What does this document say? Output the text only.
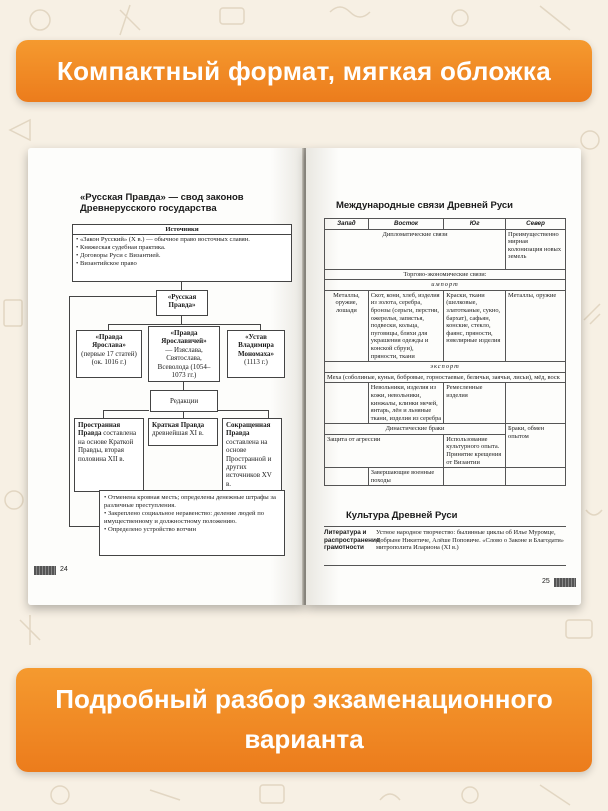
Компактный формат, мягкая обложка
«Русская Правда» — свод законов
Древнерусского государства
Источники
• «Закон Русский» (X в.) — обычное право восточных славян.
• Княжеская судебная практика.
• Договоры Руси с Византией.
• Византийское право
«Русская
Правда»
«Правда Ярослава»
(первые 17 статей) (ок. 1016 г.)
«Правда Ярославичей»
— Изяслава, Святослава, Всеволода (1054–1073 гг.)
«Устав Владимира Мономаха»
(1113 г.)
Редакции
Пространная Правда составлена на основе Краткой Правды, вторая половина XII в.
Краткая Правда древнейшая XI в.
Сокращенная Правда составлена на основе Пространной и других источников XV в.
• Отменена кровная месть; определены денежные штрафы за различные преступления.
• Закреплено социальное неравенство: деление людей по имущественному и должностному положению.
• Определено устройство вотчин
24
Международные связи Древней Руси
Запад	Восток	Юг	Север
Дипломатические связи			Преимущественно мирная колонизация новых земель
Торгово-экономические связи:			
импорт			
Металлы, оружие, лошади	Скот, кони, хлеб, изделия из золота, серебра, бронзы (серьги, перстни, ожерелья, запястья, подвески, кольца, пуговицы, бляхи для украшения одежды и конской сбруи), пряности, ткани	Краски, ткани (шелковые, златотканые, сукно, бархат), сафьян, конские, стекло, фаянс, пряности, ювелирные изделия	Металлы, оружие
экспорт			
Меха (соболиные, куньи, бобровые, горностаевые, беличьи, заячьи, лисьи), мёд, воск			
	Невольники, изделия из кожи, невольники, кинжалы, клинки мечей, янтарь, лён и льняные ткани, изделия из серебра	Ремесленные изделия	
Династические браки			Браки, обмен опытом
Защита от агрессии		Использование культурного опыта. Принятие крещения от Византии	
	Завершающие военные походы		
Культура Древней Руси
Литература и распространение грамотности
Устное народное творчество: былинные циклы об Илье Муромце, Добрыне Никитиче, Алёше Поповиче. «Слово о Законе и Благодати» митрополита Илариона (XI в.)
25
Подробный разбор экзаменационного
варианта
